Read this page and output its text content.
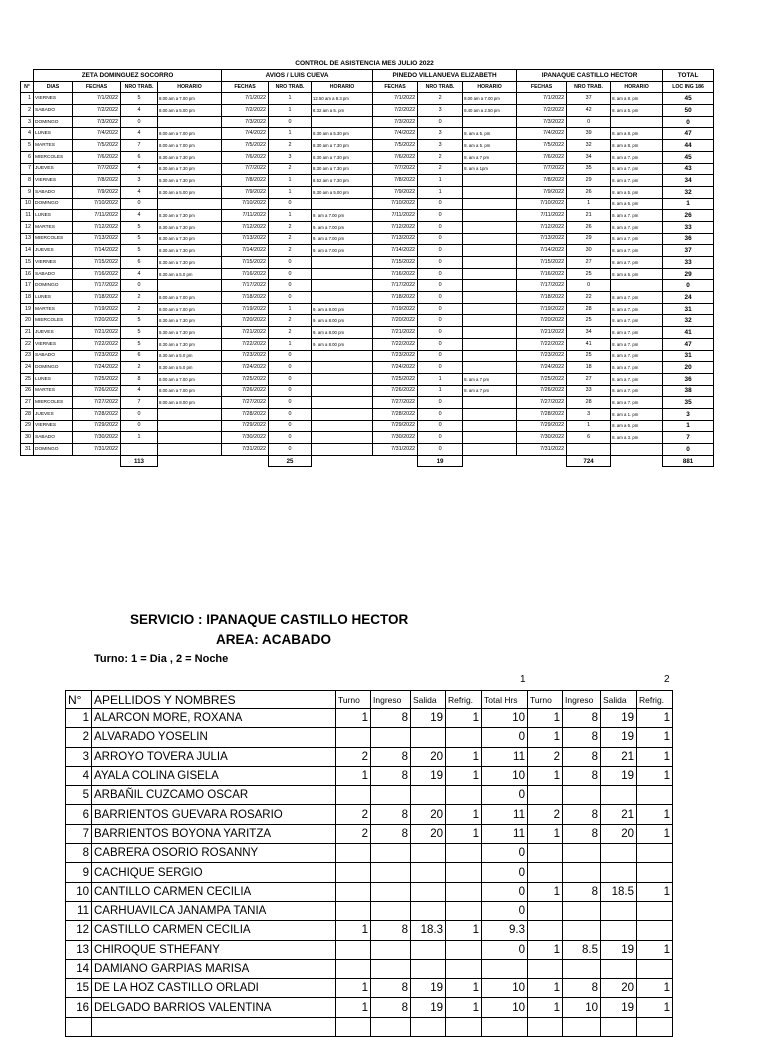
CONTROL DE ASISTENCIA MES JULIO 2022
	ZETA DOMINGUEZ SOCORRO				AVIOS / LUIS CUEVA			PINEDO VILLANUEVA ELIZABETH			IPANAQUE CASTILLO HECTOR			TOTAL
N°	DIAS	FECHAS	NRO TRAB.	HORARIO	FECHAS	NRO TRAB.	HORARIO	FECHAS	NRO TRAB.	HORARIO	FECHAS	NRO TRAB.	HORARIO	LOC ING 186
1	VIERNES	7/1/2022	5	8.00 am a 7.00 pm	7/1/2022	1	12.50 am a 8.3 pm	7/1/2022	2	8.00 am a 7.00 pm	7/1/2022	37	8. am a 8. pm	45
2	SABADO	7/2/2022	4	8.00 am a 5.00 pm	7/2/2022	1	8.32 am a 5. pm	7/2/2022	3	8.40 am a 2.50 pm	7/2/2022	42	8. am a 5. pm	50
3	DOMINGO	7/3/2022	0		7/3/2022	0		7/3/2022	0		7/3/2022	0		0
4	LUNES	7/4/2022	4	8.00 am a 7.00 pm	7/4/2022	1	8.30 am a 5.30 pm	7/4/2022	3	8. am a 5. pm	7/4/2022	39	8. am a 8. pm	47
5	MARTES	7/5/2022	7	8.00 am a 7.00 pm	7/5/2022	2	8.30 am a 7.30 pm	7/5/2022	3	8. am a 5. pm	7/5/2022	32	8. am a 8. pm	44
6	MIERCOLES	7/6/2022	6	8.30 am a 7.30 pm	7/6/2022	3	8.30 am a 7.30 pm	7/6/2022	2	8. am a 7 pm	7/6/2022	34	8. am a 7. pm	45
7	JUEVES	7/7/2022	4	8.30 am a 7.30 pm	7/7/2022	2	8.30 am a 7.30 pm	7/7/2022	2	8. am a 1pm	7/7/2022	35	8. am a 7. pm	43
8	VIERNES	7/8/2022	3	8.30 am a 7.30 pm	7/8/2022	1	8.52 am a 7.30 pm	7/8/2022	1		7/8/2022	29	8. am a 7. pm	34
9	SABADO	7/9/2022	4	8.30 am a 5.00 pm	7/9/2022	1	8.30 am a 5.00 pm	7/9/2022	1		7/9/2022	26	8. am a 5. pm	32
10	DOMINGO	7/10/2022	0		7/10/2022	0		7/10/2022	0		7/10/2022	1	8. am a 5. pm	1
11	LUNES	7/11/2022	4	8.30 am a 7.30 pm	7/11/2022	1	9. am a 7.00 pm	7/11/2022	0		7/11/2022	21	8. am a 7. pm	26
12	MARTES	7/12/2022	5	8.30 am a 7.30 pm	7/12/2022	2	9. am a 7.00 pm	7/12/2022	0		7/12/2022	26	8. am a 7. pm	33
13	MIERCOLES	7/13/2022	5	8.30 am a 7.30 pm	7/13/2022	2	9. am a 7.00 pm	7/13/2022	0		7/13/2022	29	8. am a 7. pm	36
14	JUEVES	7/14/2022	5	8.30 am a 7.30 pm	7/14/2022	2	9. am a 7.00 pm	7/14/2022	0		7/14/2022	30	8. am a 7. pm	37
15	VIERNES	7/15/2022	6	8.30 am a 7.30 pm	7/15/2022	0		7/15/2022	0		7/15/2022	27	8. am a 7. pm	33
16	SABADO	7/16/2022	4	8.30 am a 5.0 pm	7/16/2022	0		7/16/2022	0		7/16/2022	25	8. am a 5. pm	29
17	DOMINGO	7/17/2022	0		7/17/2022	0		7/17/2022	0		7/17/2022	0		0
18	LUNES	7/18/2022	2	8.00 am a 7.00 pm	7/18/2022	0		7/18/2022	0		7/18/2022	22	8. am a 7. pm	24
19	MARTES	7/19/2022	2	8.00 am a 7.00 pm	7/19/2022	1	9. am a 8.00 pm	7/19/2022	0		7/19/2022	28	8. am a 7. pm	31
20	MIERCOLES	7/20/2022	5	8.30 am a 7.30 pm	7/20/2022	2	9. am a 8.00 pm	7/20/2022	0		7/20/2022	25	8. am a 7. pm	32
21	JUEVES	7/21/2022	5	8.30 am a 7.30 pm	7/21/2022	2	9. am a 8.00 pm	7/21/2022	0		7/21/2022	34	8. am a 7. pm	41
22	VIERNES	7/22/2022	5	8.30 am a 7.30 pm	7/22/2022	1	9. am a 8.00 pm	7/22/2022	0		7/22/2022	41	8. am a 7. pm	47
23	SABADO	7/23/2022	6	8.30 am a 5.0 pm	7/23/2022	0		7/23/2022	0		7/23/2022	25	8. am a 7. pm	31
24	DOMINGO	7/24/2022	2	8.30 am a 5.0 pm	7/24/2022	0		7/24/2022	0		7/24/2022	18	8. am a 7. pm	20
25	LUNES	7/25/2022	8	8.00 am a 7.00 pm	7/25/2022	0		7/25/2022	1	8. am a 7 pm	7/25/2022	27	8. am a 7. pm	36
26	MARTES	7/26/2022	4	8.00 am a 7.00 pm	7/26/2022	0		7/26/2022	1	8. am a 7 pm	7/26/2022	33	8. am a 7. pm	38
27	MIERCOLES	7/27/2022	7	8.00 am a 8.00 pm	7/27/2022	0		7/27/2022	0		7/27/2022	28	8. am a 7. pm	35
28	JUEVES	7/28/2022	0		7/28/2022	0		7/28/2022	0		7/28/2022	3	8. am a 1. pm	3
29	VIERNES	7/29/2022	0		7/29/2022	0		7/29/2022	0		7/29/2022	1	8. am a 5. pm	1
30	SABADO	7/30/2022	1		7/30/2022	0		7/30/2022	0		7/30/2022	6	8. am a 3. pm	7
31	DOMINGO	7/31/2022			7/31/2022	0		7/31/2022	0		7/31/2022			0
			113			25			19			724		881
SERVICIO : IPANAQUE CASTILLO HECTOR
AREA: ACABADO
Turno: 1 = Dia , 2 = Noche
1	2
N°	APELLIDOS Y NOMBRES	Turno	Ingreso	Salida	Refrig.	Total Hrs	Turno	Ingreso	Salida	Refrig.
1	ALARCON MORE, ROXANA	1	8	19	1	10	1	8	19	1
2	ALVARADO YOSELIN					0	1	8	19	1
3	ARROYO TOVERA JULIA	2	8	20	1	11	2	8	21	1
4	AYALA COLINA GISELA	1	8	19	1	10	1	8	19	1
5	ARBAÑIL CUZCAMO OSCAR					0				
6	BARRIENTOS GUEVARA ROSARIO	2	8	20	1	11	2	8	21	1
7	BARRIENTOS BOYONA YARITZA	2	8	20	1	11	1	8	20	1
8	CABRERA OSORIO ROSANNY					0				
9	CACHIQUE SERGIO					0				
10	CANTILLO CARMEN CECILIA					0	1	8	18.5	1
11	CARHUAVILCA JANAMPA TANIA					0				
12	CASTILLO CARMEN CECILIA	1	8	18.3	1	9.3				
13	CHIROQUE STHEFANY					0	1	8.5	19	1
14	DAMIANO GARPIAS MARISA									
15	DE LA HOZ CASTILLO ORLADI	1	8	19	1	10	1	8	20	1
16	DELGADO BARRIOS VALENTINA	1	8	19	1	10	1	10	19	1
